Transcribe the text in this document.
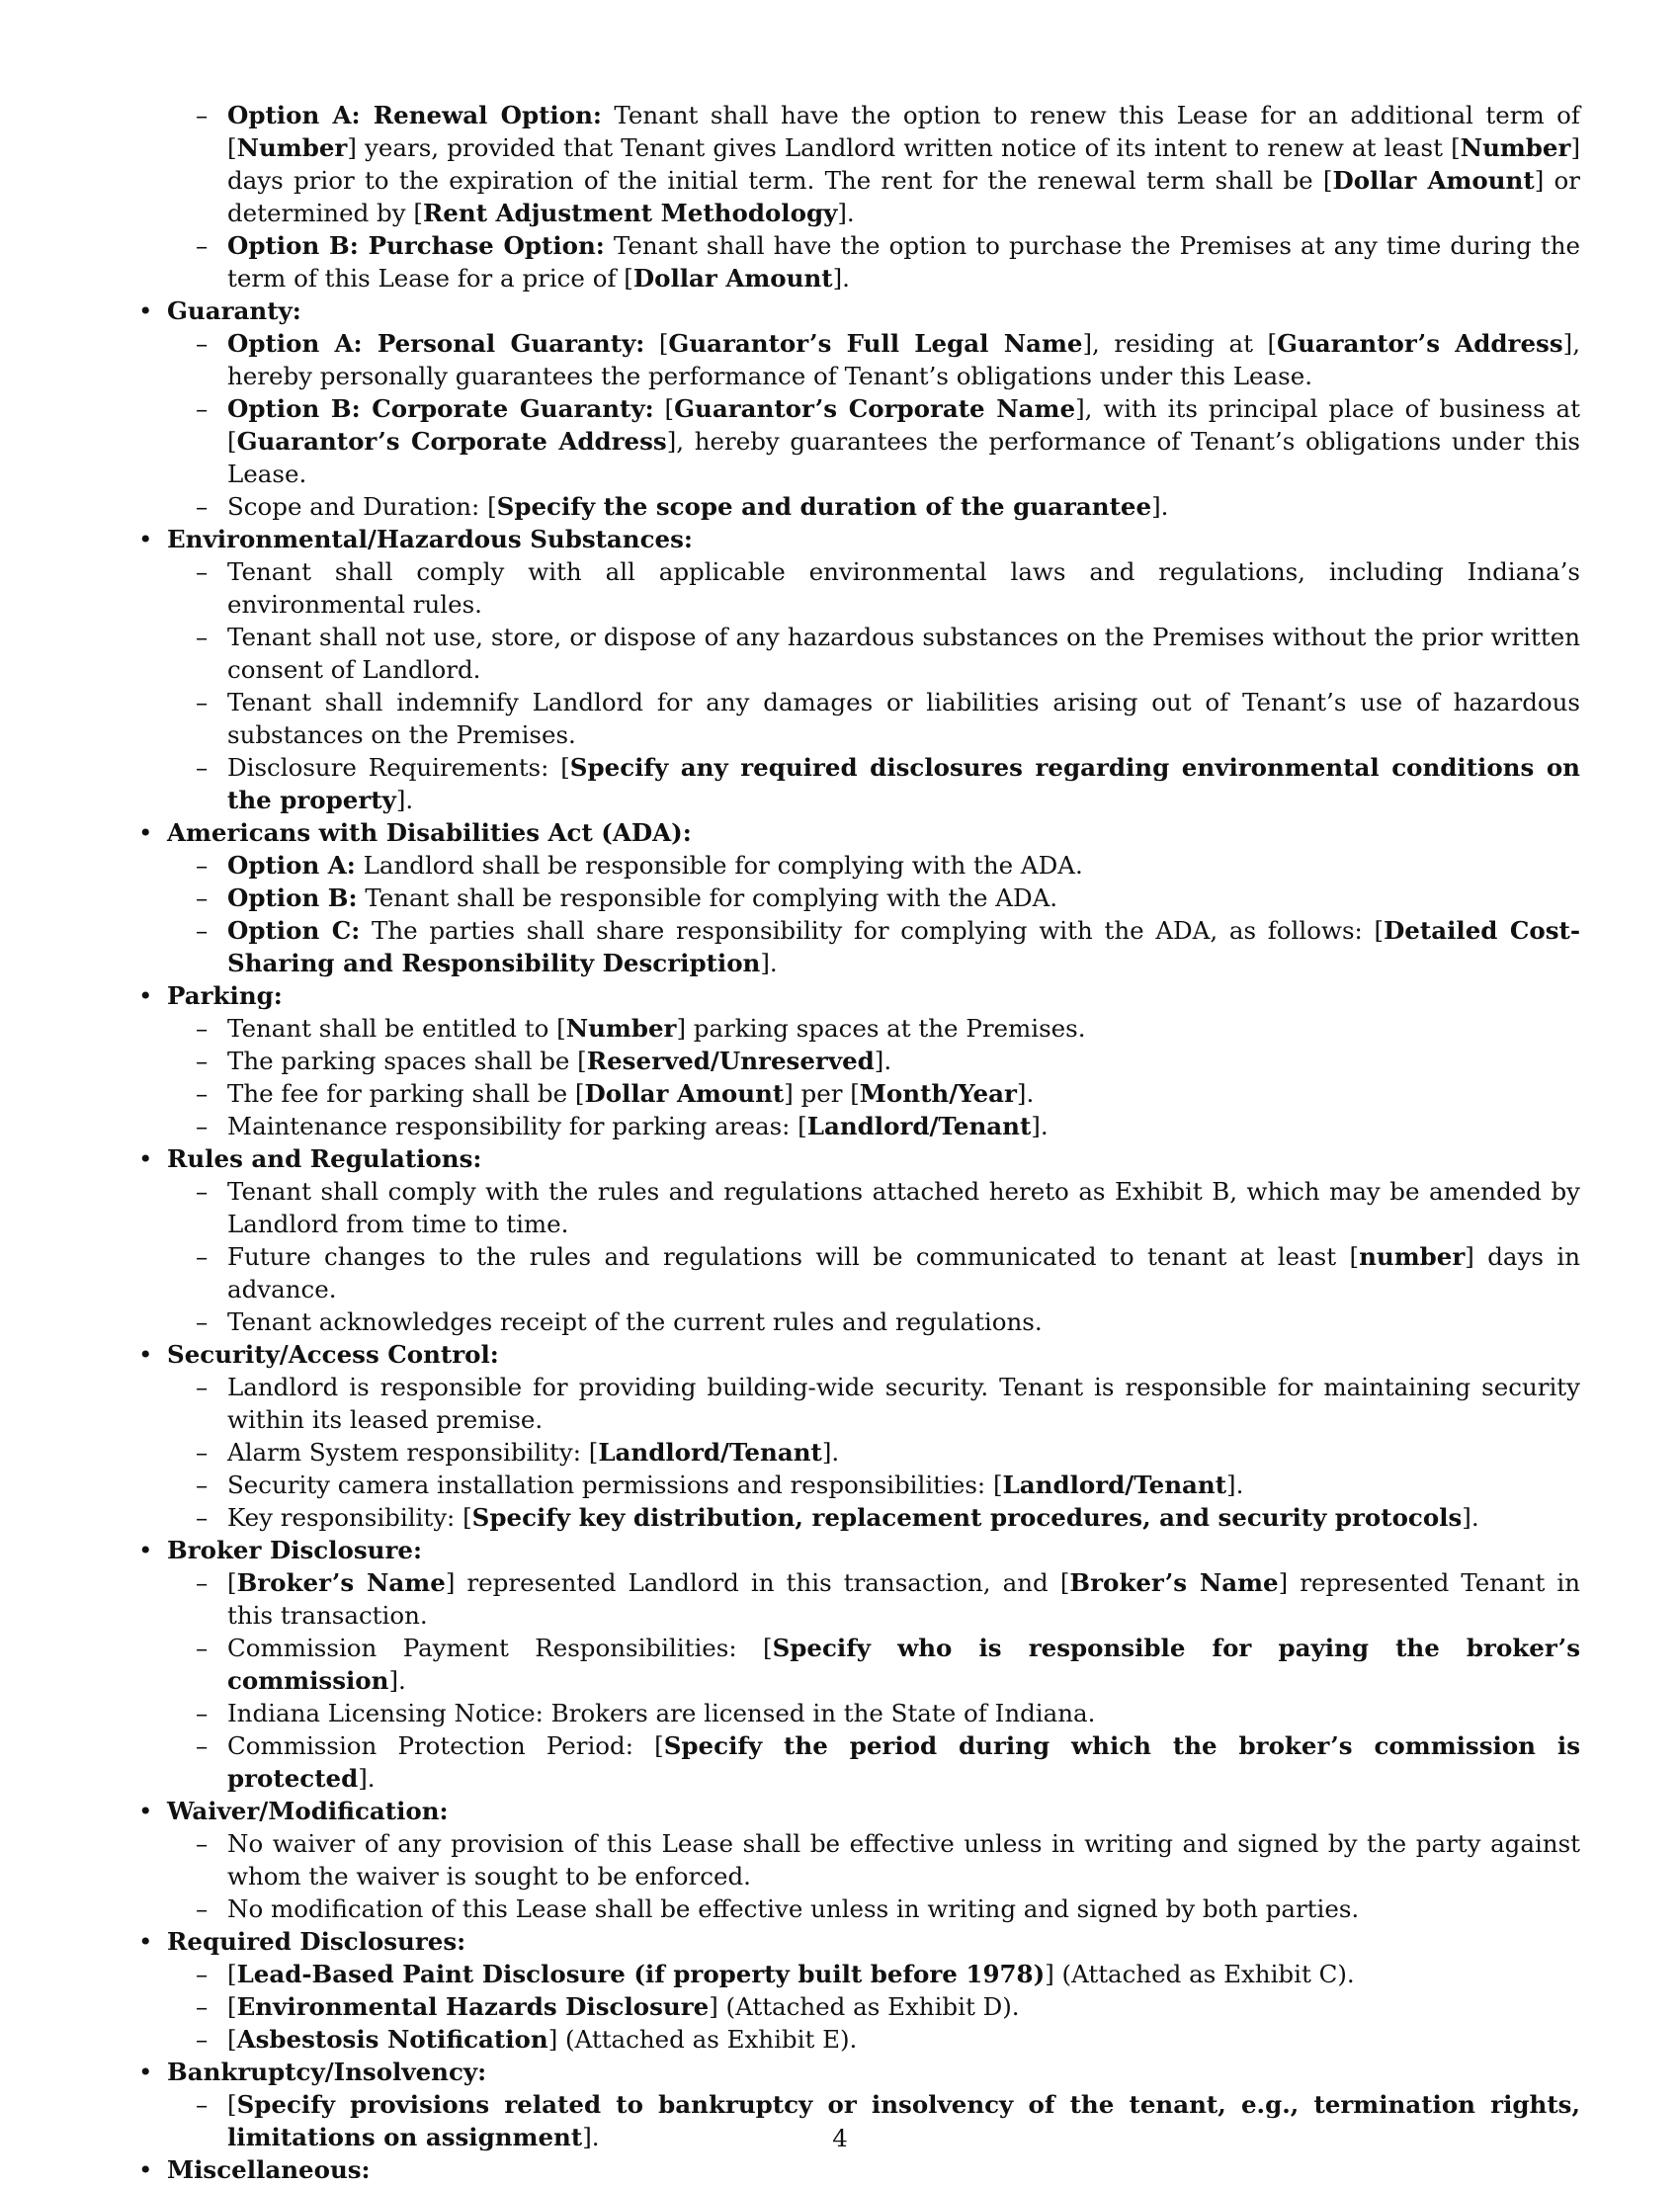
– Option A: Renewal Option: Tenant shall have the option to renew this Lease for an additional term of [Number] years, provided that Tenant gives Landlord written notice of its intent to renew at least [Number] days prior to the expiration of the initial term. The rent for the renewal term shall be [Dollar Amount] or determined by [Rent Adjustment Methodology].
– Option B: Purchase Option: Tenant shall have the option to purchase the Premises at any time during the term of this Lease for a price of [Dollar Amount].
• Guaranty:
– Option A: Personal Guaranty: [Guarantor’s Full Legal Name], residing at [Guarantor’s Address], hereby personally guarantees the performance of Tenant’s obligations under this Lease.
– Option B: Corporate Guaranty: [Guarantor’s Corporate Name], with its principal place of business at [Guarantor’s Corporate Address], hereby guarantees the performance of Tenant’s obligations under this Lease.
– Scope and Duration: [Specify the scope and duration of the guarantee].
• Environmental/Hazardous Substances:
– Tenant shall comply with all applicable environmental laws and regulations, including Indiana’s environmental rules.
– Tenant shall not use, store, or dispose of any hazardous substances on the Premises without the prior written consent of Landlord.
– Tenant shall indemnify Landlord for any damages or liabilities arising out of Tenant’s use of hazardous substances on the Premises.
– Disclosure Requirements: [Specify any required disclosures regarding environmental conditions on the property].
• Americans with Disabilities Act (ADA):
– Option A: Landlord shall be responsible for complying with the ADA.
– Option B: Tenant shall be responsible for complying with the ADA.
– Option C: The parties shall share responsibility for complying with the ADA, as follows: [Detailed Cost-Sharing and Responsibility Description].
• Parking:
– Tenant shall be entitled to [Number] parking spaces at the Premises.
– The parking spaces shall be [Reserved/Unreserved].
– The fee for parking shall be [Dollar Amount] per [Month/Year].
– Maintenance responsibility for parking areas: [Landlord/Tenant].
• Rules and Regulations:
– Tenant shall comply with the rules and regulations attached hereto as Exhibit B, which may be amended by Landlord from time to time.
– Future changes to the rules and regulations will be communicated to tenant at least [number] days in advance.
– Tenant acknowledges receipt of the current rules and regulations.
• Security/Access Control:
– Landlord is responsible for providing building-wide security. Tenant is responsible for maintaining security within its leased premise.
– Alarm System responsibility: [Landlord/Tenant].
– Security camera installation permissions and responsibilities: [Landlord/Tenant].
– Key responsibility: [Specify key distribution, replacement procedures, and security protocols].
• Broker Disclosure:
– [Broker’s Name] represented Landlord in this transaction, and [Broker’s Name] represented Tenant in this transaction.
– Commission Payment Responsibilities: [Specify who is responsible for paying the broker’s commission].
– Indiana Licensing Notice: Brokers are licensed in the State of Indiana.
– Commission Protection Period: [Specify the period during which the broker’s commission is protected].
• Waiver/Modification:
– No waiver of any provision of this Lease shall be effective unless in writing and signed by the party against whom the waiver is sought to be enforced.
– No modification of this Lease shall be effective unless in writing and signed by both parties.
• Required Disclosures:
– [Lead-Based Paint Disclosure (if property built before 1978)] (Attached as Exhibit C).
– [Environmental Hazards Disclosure] (Attached as Exhibit D).
– [Asbestosis Notification] (Attached as Exhibit E).
• Bankruptcy/Insolvency:
– [Specify provisions related to bankruptcy or insolvency of the tenant, e.g., termination rights, limitations on assignment].
• Miscellaneous:
4
